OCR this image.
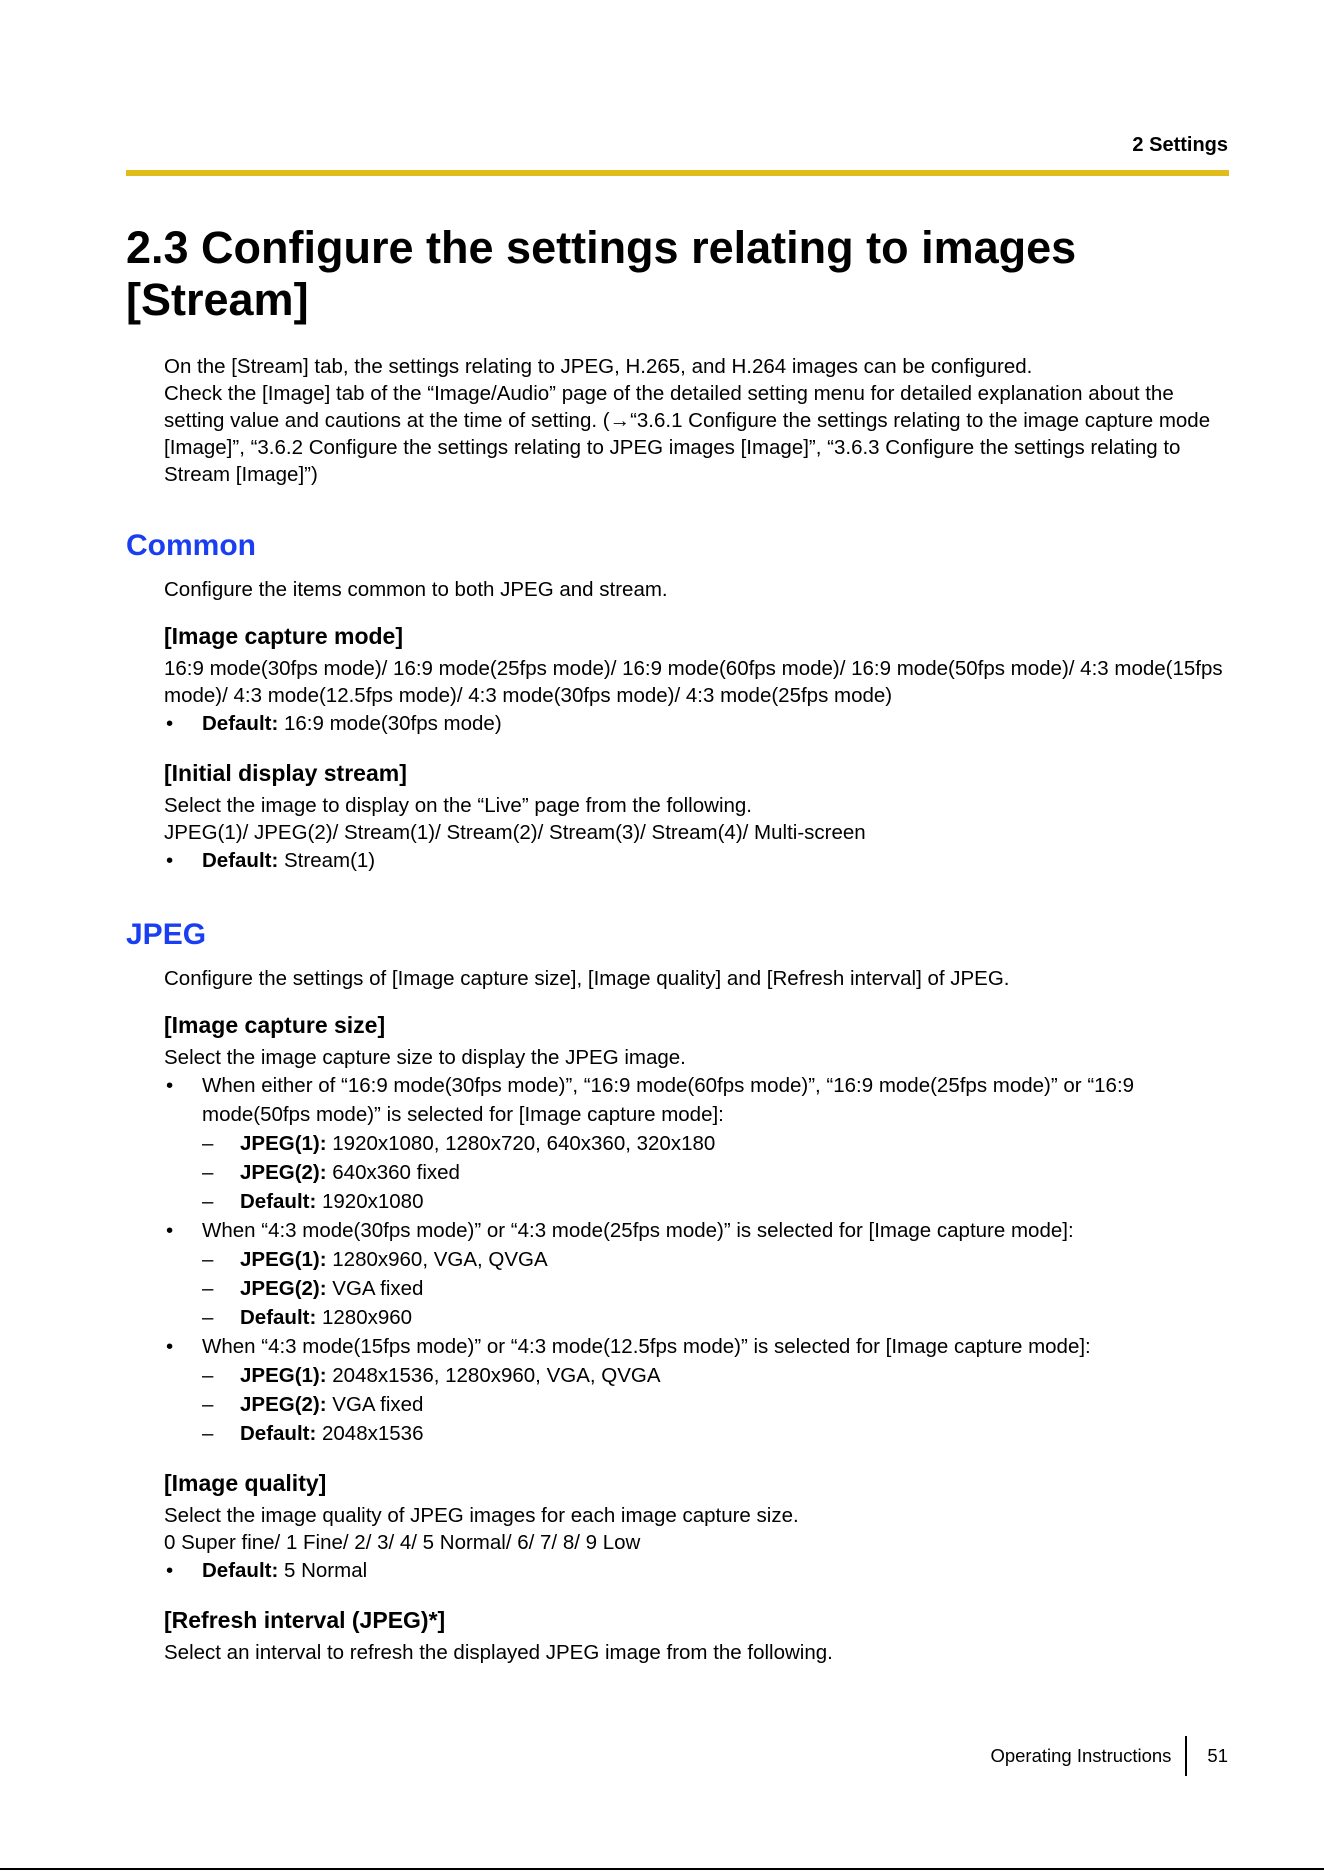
2 Settings
2.3 Configure the settings relating to images [Stream]

On the [Stream] tab, the settings relating to JPEG, H.265, and H.264 images can be configured.

Check the [Image] tab of the “Image/Audio” page of the detailed setting menu for detailed explanation about the setting value and cautions at the time of setting. (→“3.6.1 Configure the settings relating to the image capture mode [Image]”, “3.6.2 Configure the settings relating to JPEG images [Image]”, “3.6.3 Configure the settings relating to Stream [Image]”)

Common

Configure the items common to both JPEG and stream.

[Image capture mode]

16:9 mode(30fps mode)/ 16:9 mode(25fps mode)/ 16:9 mode(60fps mode)/ 16:9 mode(50fps mode)/ 4:3 mode(15fps mode)/ 4:3 mode(12.5fps mode)/ 4:3 mode(30fps mode)/ 4:3 mode(25fps mode)

• Default: 16:9 mode(30fps mode)
[Initial display stream]

Select the image to display on the “Live” page from the following.

JPEG(1)/ JPEG(2)/ Stream(1)/ Stream(2)/ Stream(3)/ Stream(4)/ Multi-screen

• Default: Stream(1)
JPEG

Configure the settings of [Image capture size], [Image quality] and [Refresh interval] of JPEG.

[Image capture size]

Select the image capture size to display the JPEG image.

• When either of “16:9 mode(30fps mode)”, “16:9 mode(60fps mode)”, “16:9 mode(25fps mode)” or “16:9 mode(50fps mode)” is selected for [Image capture mode]:
– JPEG(1): 1920x1080, 1280x720, 640x360, 320x180
– JPEG(2): 640x360 fixed
– Default: 1920x1080
• When “4:3 mode(30fps mode)” or “4:3 mode(25fps mode)” is selected for [Image capture mode]:
– JPEG(1): 1280x960, VGA, QVGA
– JPEG(2): VGA fixed
– Default: 1280x960
• When “4:3 mode(15fps mode)” or “4:3 mode(12.5fps mode)” is selected for [Image capture mode]:
– JPEG(1): 2048x1536, 1280x960, VGA, QVGA
– JPEG(2): VGA fixed
– Default: 2048x1536
[Image quality]

Select the image quality of JPEG images for each image capture size.

0 Super fine/ 1 Fine/ 2/ 3/ 4/ 5 Normal/ 6/ 7/ 8/ 9 Low

• Default: 5 Normal
[Refresh interval (JPEG)*]

Select an interval to refresh the displayed JPEG image from the following.

Operating Instructions 51
